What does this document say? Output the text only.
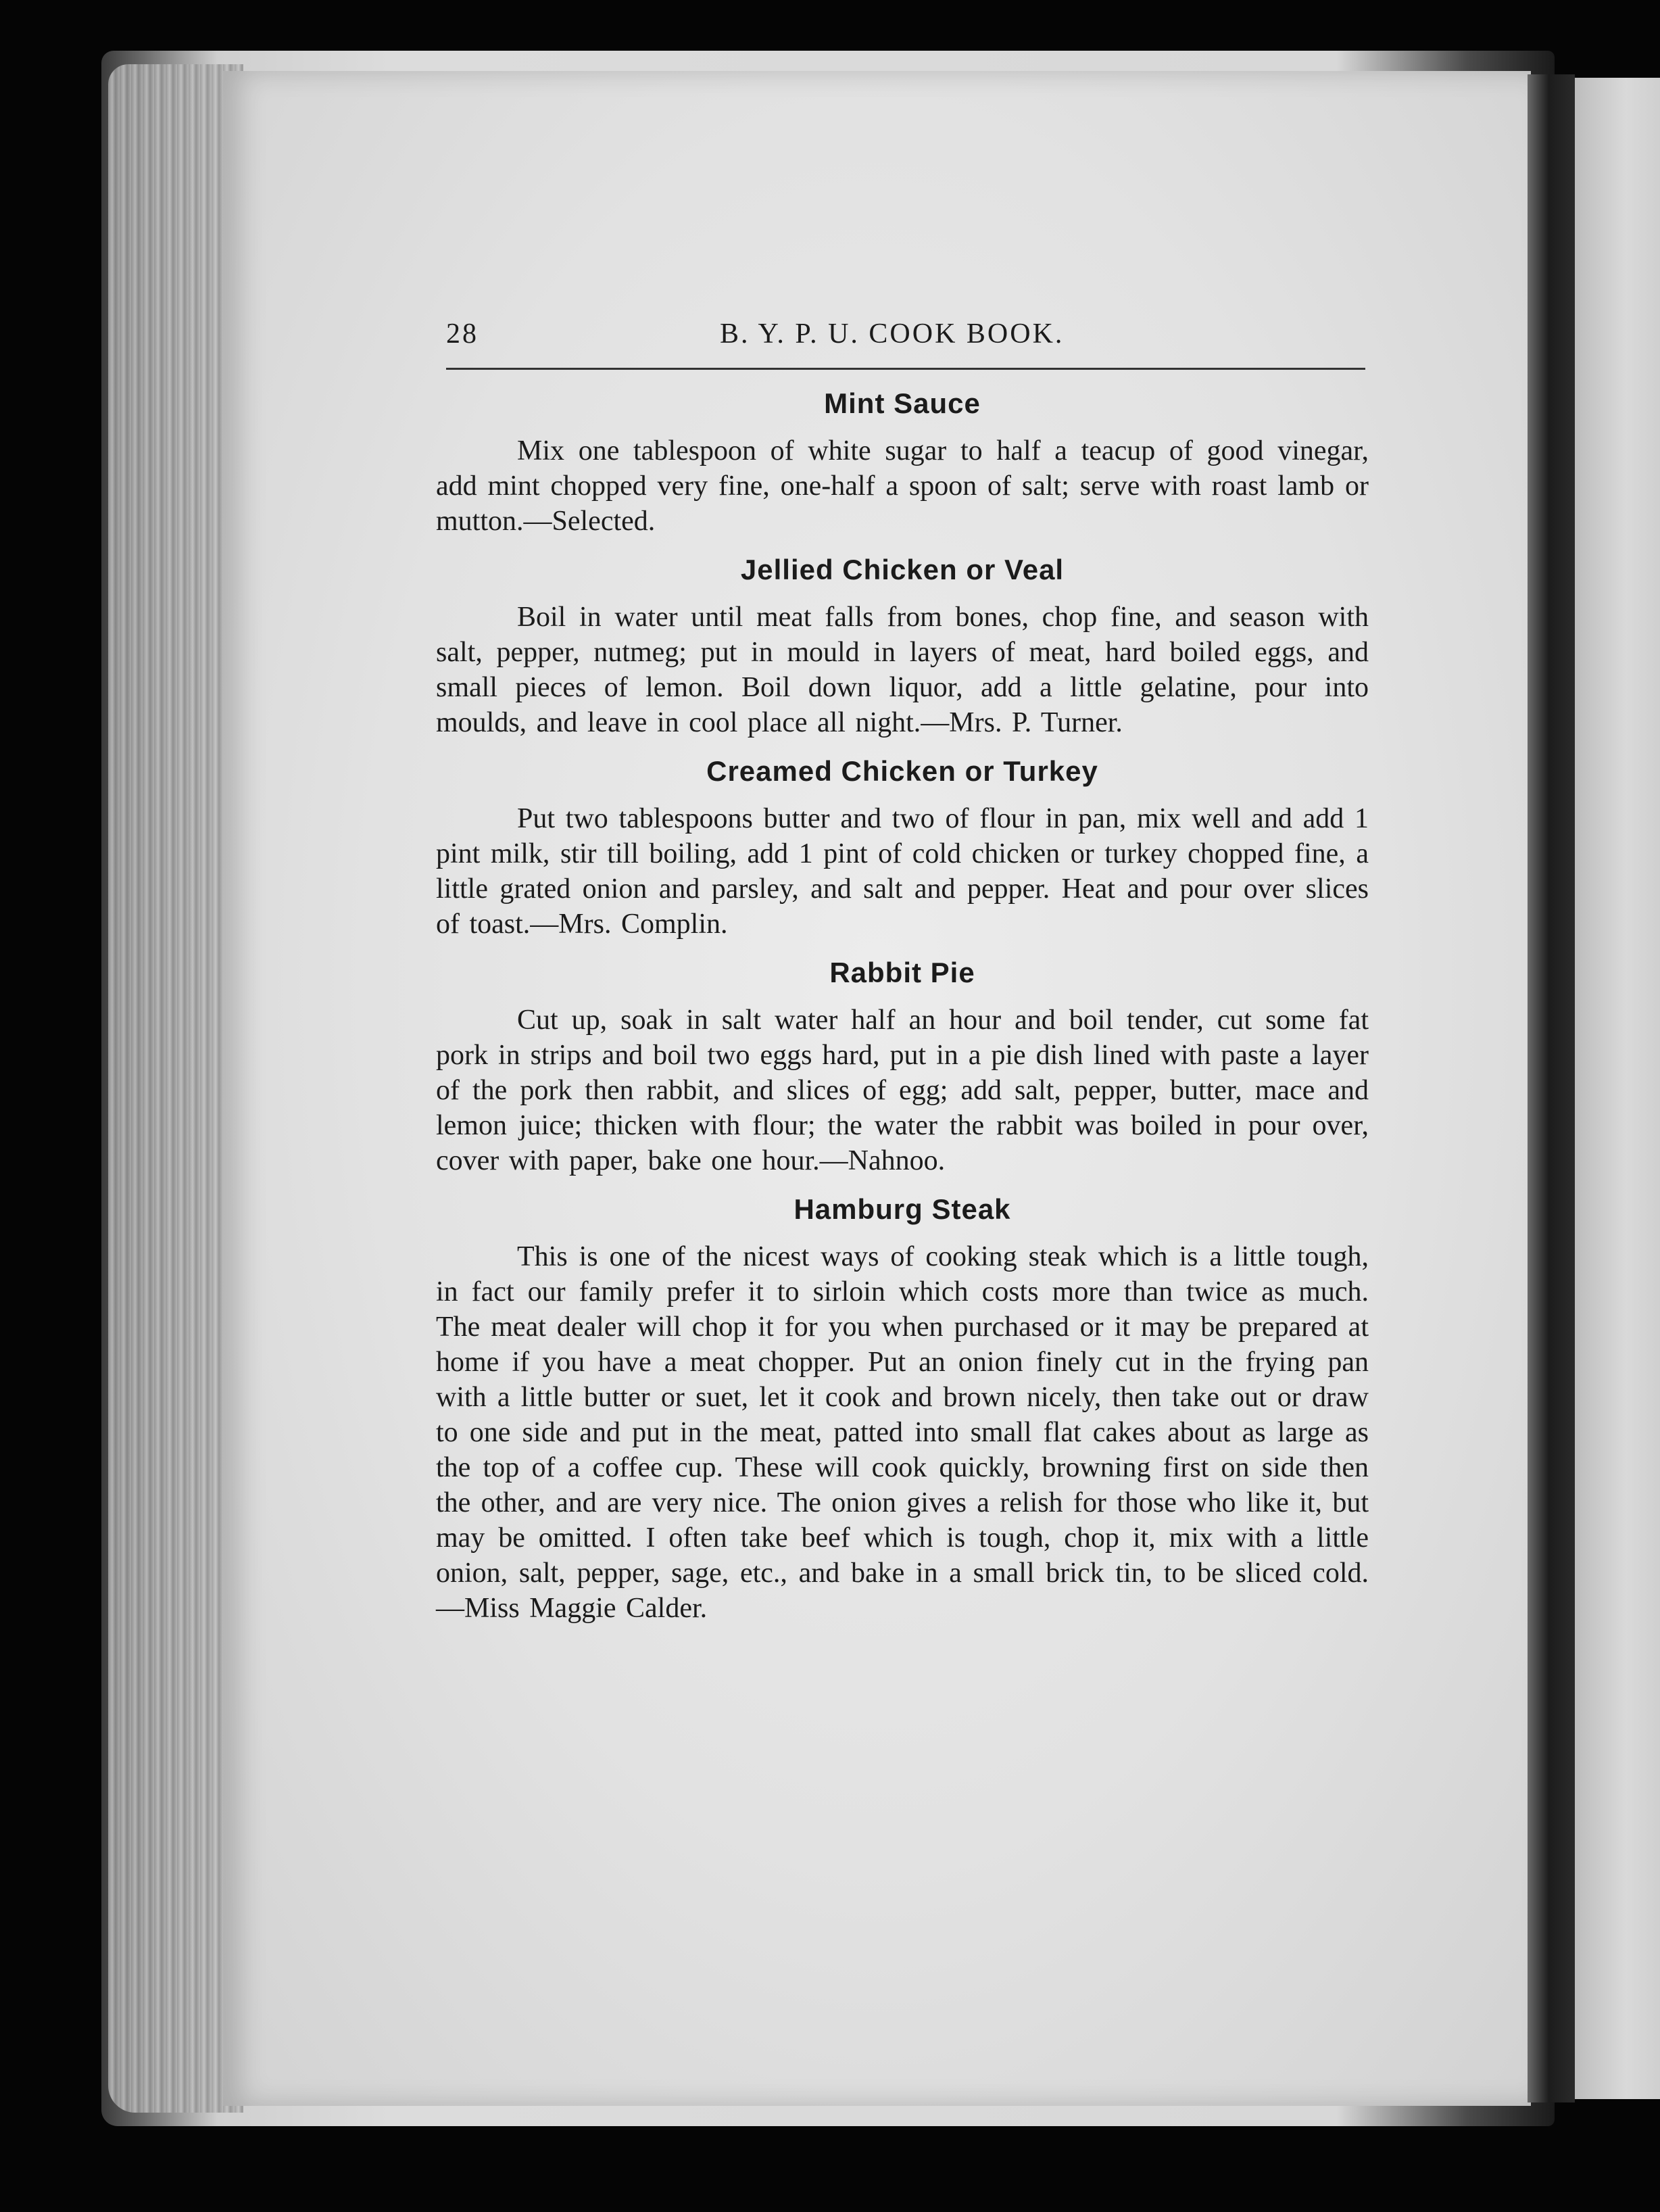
28	B. Y. P. U. COOK BOOK.
Mint Sauce

Mix one tablespoon of white sugar to half a teacup of good vinegar, add mint chopped very fine, one-half a spoon of salt; serve with roast lamb or mutton.—Selected.

Jellied Chicken or Veal

Boil in water until meat falls from bones, chop fine, and season with salt, pepper, nutmeg; put in mould in layers of meat, hard boiled eggs, and small pieces of lemon. Boil down liquor, add a little gelatine, pour into moulds, and leave in cool place all night.—Mrs. P. Turner.

Creamed Chicken or Turkey

Put two tablespoons butter and two of flour in pan, mix well and add 1 pint milk, stir till boiling, add 1 pint of cold chicken or turkey chopped fine, a little grated onion and parsley, and salt and pepper. Heat and pour over slices of toast.—Mrs. Complin.

Rabbit Pie

Cut up, soak in salt water half an hour and boil tender, cut some fat pork in strips and boil two eggs hard, put in a pie dish lined with paste a layer of the pork then rabbit, and slices of egg; add salt, pepper, butter, mace and lemon juice; thicken with flour; the water the rabbit was boiled in pour over, cover with paper, bake one hour.—Nahnoo.

Hamburg Steak

This is one of the nicest ways of cooking steak which is a little tough, in fact our family prefer it to sirloin which costs more than twice as much. The meat dealer will chop it for you when purchased or it may be prepared at home if you have a meat chopper. Put an onion finely cut in the frying pan with a little butter or suet, let it cook and brown nicely, then take out or draw to one side and put in the meat, patted into small flat cakes about as large as the top of a coffee cup. These will cook quickly, browning first on side then the other, and are very nice. The onion gives a relish for those who like it, but may be omitted. I often take beef which is tough, chop it, mix with a little onion, salt, pepper, sage, etc., and bake in a small brick tin, to be sliced cold.—Miss Maggie Calder.
